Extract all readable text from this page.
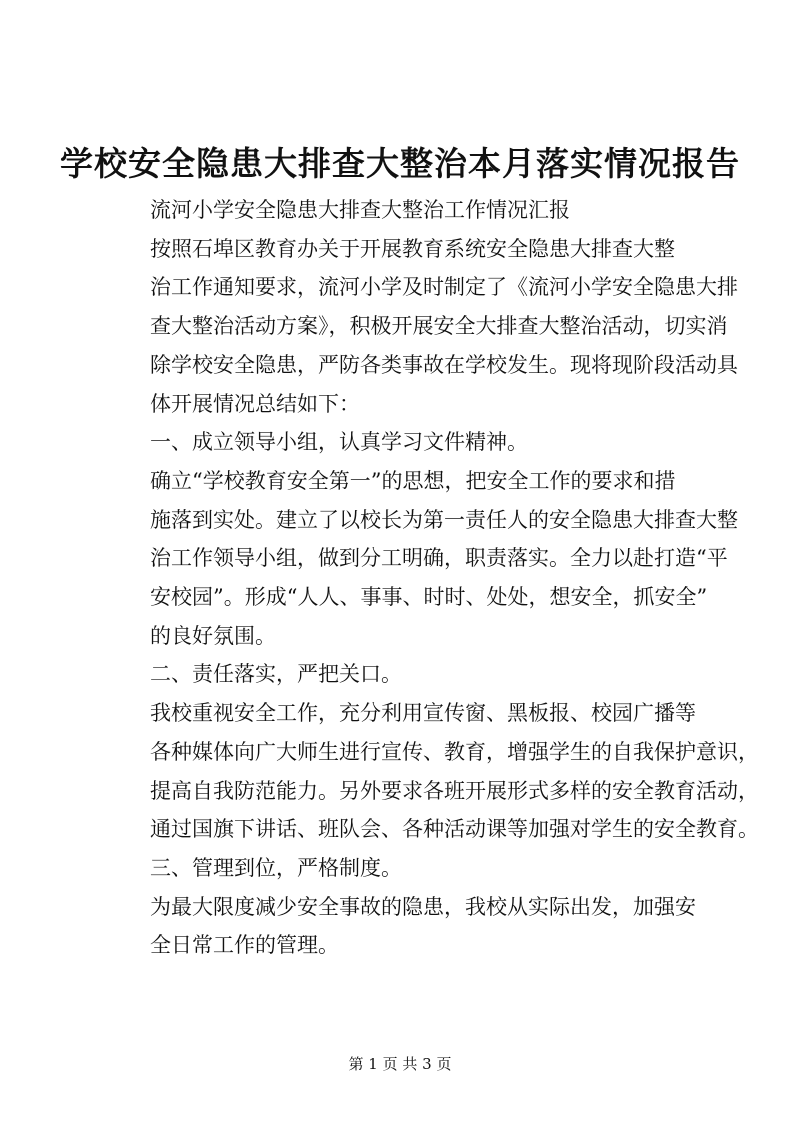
学校安全隐患大排查大整治本月落实情况报告

流河小学安全隐患大排查大整治工作情况汇报

按照石埠区教育办关于开展教育系统安全隐患大排查大整
治工作通知要求，流河小学及时制定了《流河小学安全隐患大排
查大整治活动方案》，积极开展安全大排查大整治活动，切实消
除学校安全隐患，严防各类事故在学校发生。现将现阶段活动具
体开展情况总结如下：

一、成立领导小组，认真学习文件精神。

确立“学校教育安全第一”的思想，把安全工作的要求和措
施落到实处。建立了以校长为第一责任人的安全隐患大排查大整
治工作领导小组，做到分工明确，职责落实。全力以赴打造“平
安校园”。形成“人人、事事、时时、处处，想安全，抓安全”
的良好氛围。

二、责任落实，严把关口。

我校重视安全工作，充分利用宣传窗、黑板报、校园广播等
各种媒体向广大师生进行宣传、教育，增强学生的自我保护意识，
提高自我防范能力。另外要求各班开展形式多样的安全教育活动，
通过国旗下讲话、班队会、各种活动课等加强对学生的安全教育。

三、管理到位，严格制度。

为最大限度减少安全事故的隐患，我校从实际出发，加强安
全日常工作的管理。

第 1 页 共 3 页
